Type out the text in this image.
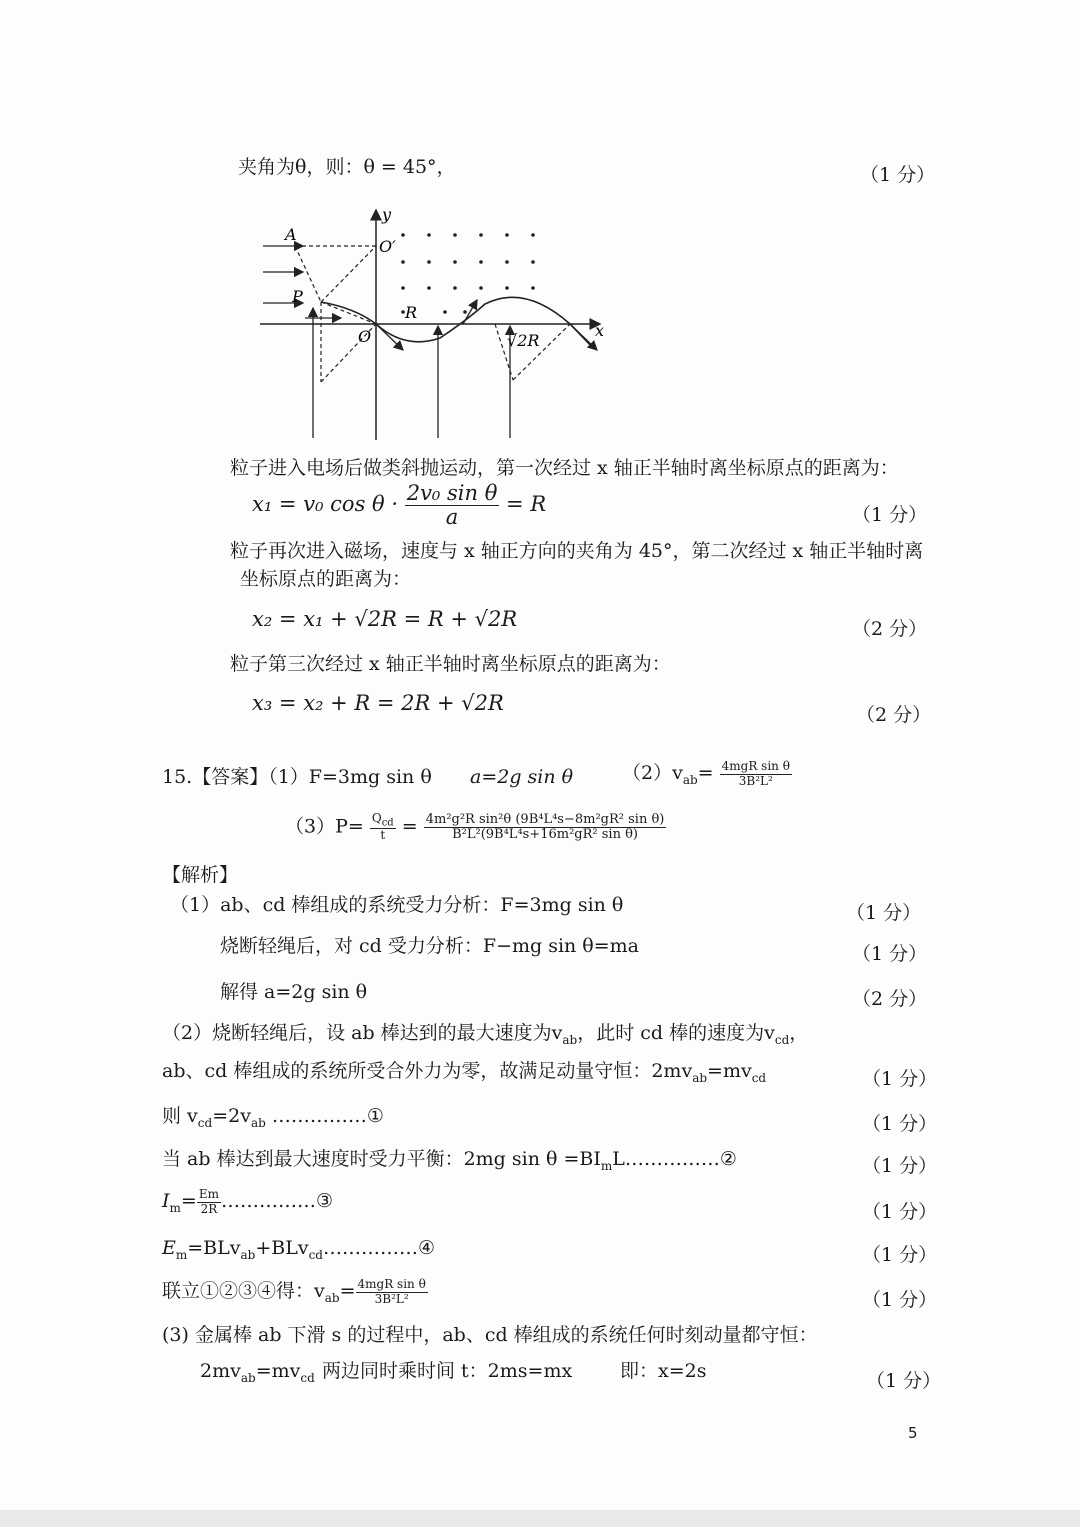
夹角为θ，则：θ = 45°，	（1 分）
y
x
A
O′
P
O
R
√2R
粒子进入电场后做类斜抛运动，第一次经过 x 轴正半轴时离坐标原点的距离为：
x₁ = v₀ $\cos \theta \cdot \frac{\text{2v₀ sin θ}}{a} = R$	（1 分）
粒子再次进入磁场，速度与 x 轴正方向的夹角为 45°，第二次经过 x 轴正半轴时离
坐标原点的距离为：
x₂ = x₁ + √2R = R + √2R	（2 分）
粒子第三次经过 x 轴正半轴时离坐标原点的距离为：
x₃ = x₂ + R = 2R + √2R	（2 分）
15.【答案】（1）F=3mg sin θ a=2g sin θ	$(2)v_{ab}= \frac{\text{4mgR sin θ}}{\text{3B²L²}}$
$(3)P= \frac{Q_{cd}}{t} = \frac{\text{4m²g²R sin²θ (9B⁴L⁴s−8m²gR² sin θ)}}{\text{B²L²(9B⁴L⁴s+16m²gR² sin θ)}}$
【解析】
（1）ab、cd 棒组成的系统受力分析：F=3mg sin θ	（1 分）
烧断轻绳后，对 cd 受力分析：F−mg sin θ=ma	（1 分）
解得 a=2g sin θ	（2 分）
（2）烧断轻绳后，设 ab 棒达到的最大速度为$v_{ab}$，此时 cd 棒的速度为$v_{cd}$，
ab、cd 棒组成的系统所受合外力为零，故满足动量守恒：$2mv_{ab}=mv_{cd}$	（1 分）
则 $v_{cd}=2v_{ab}$ ……………①	（1 分）
当 ab 棒达到最大速度时受力平衡：2mg $\sin \theta =BI_mL\dots\dots\dots\dots\dots ②$	（1 分）
$I_m= \frac{Em}{2R}$ ……………③	（1 分）
$E_m=BLv_{ab}+BLv_{cd}\dots\dots\dots\dots\dots ④$	（1 分）
联立①②③④得：$v_{ab}= \frac{\text{4mgR sin θ}}{\text{3B²L²}}$	（1 分）
(3) 金属棒 ab 下滑 s 的过程中，ab、cd 棒组成的系统任何时刻动量都守恒：
$2mv_{ab}=mv_{cd}$ 两边同时乘时间 t：2ms=mx	即：x=2s	（1 分）
5
